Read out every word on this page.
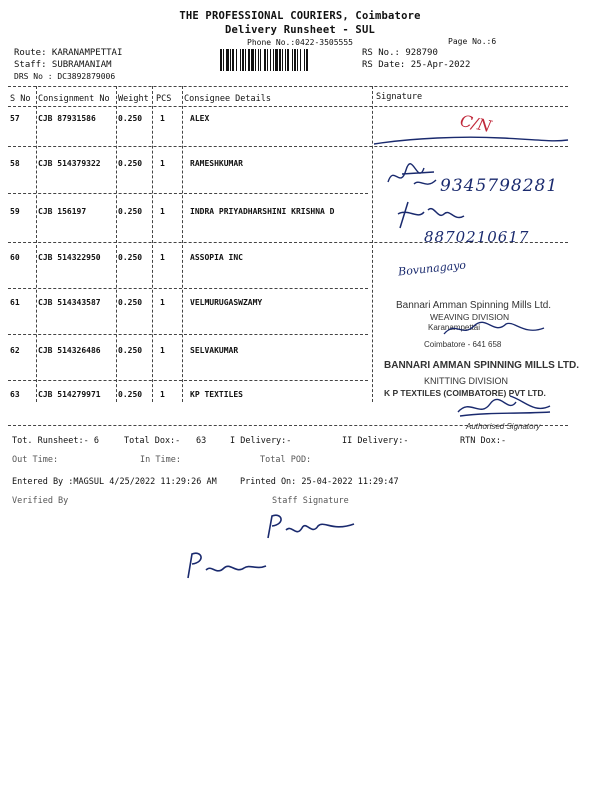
THE PROFESSIONAL COURIERS, Coimbatore
Delivery Runsheet - SUL
Phone No.:0422-3505555	Page No.:6
Route: KARANAMPETTAI
Staff: SUBRAMANIAM
DRS No : DC3892879006
RS No.: 928790
RS Date: 25-Apr-2022
S No Consignment No Weight PCS Consignee Details	Signature
57 CJB 87931586	0.250 1	ALEX
58 CJB 514379322 0.250 1	RAMESHKUMAR
59 CJB 156197	0.250 1	INDRA PRIYADHARSHINI KRISHNA D
60 CJB 514322950 0.250 1	ASSOPIA INC
61 CJB 514343587 0.250 1	VELMURUGASWZAMY
62 CJB 514326486 0.250 1	SELVAKUMAR
63 CJB 514279971 0.250 1	KP TEXTILES
C/N
9345798281
8870210617
Bovunagayo
Bannari Amman Spinning Mills Ltd.
WEAVING DIVISION
Karanampettai
Coimbatore - 641 658
BANNARI AMMAN SPINNING MILLS LTD.
KNITTING DIVISION
K P TEXTILES (COIMBATORE) PVT LTD.
Authorised Signatory
Tot. Runsheet:- 6	Total Dox:- 63	I Delivery:-	II Delivery:-	RTN Dox:-
Out Time:	In Time:	Total POD:
Entered By :MAGSUL 4/25/2022 11:29:26 AM	Printed On: 25-04-2022 11:29:47
Verified By	Staff Signature
